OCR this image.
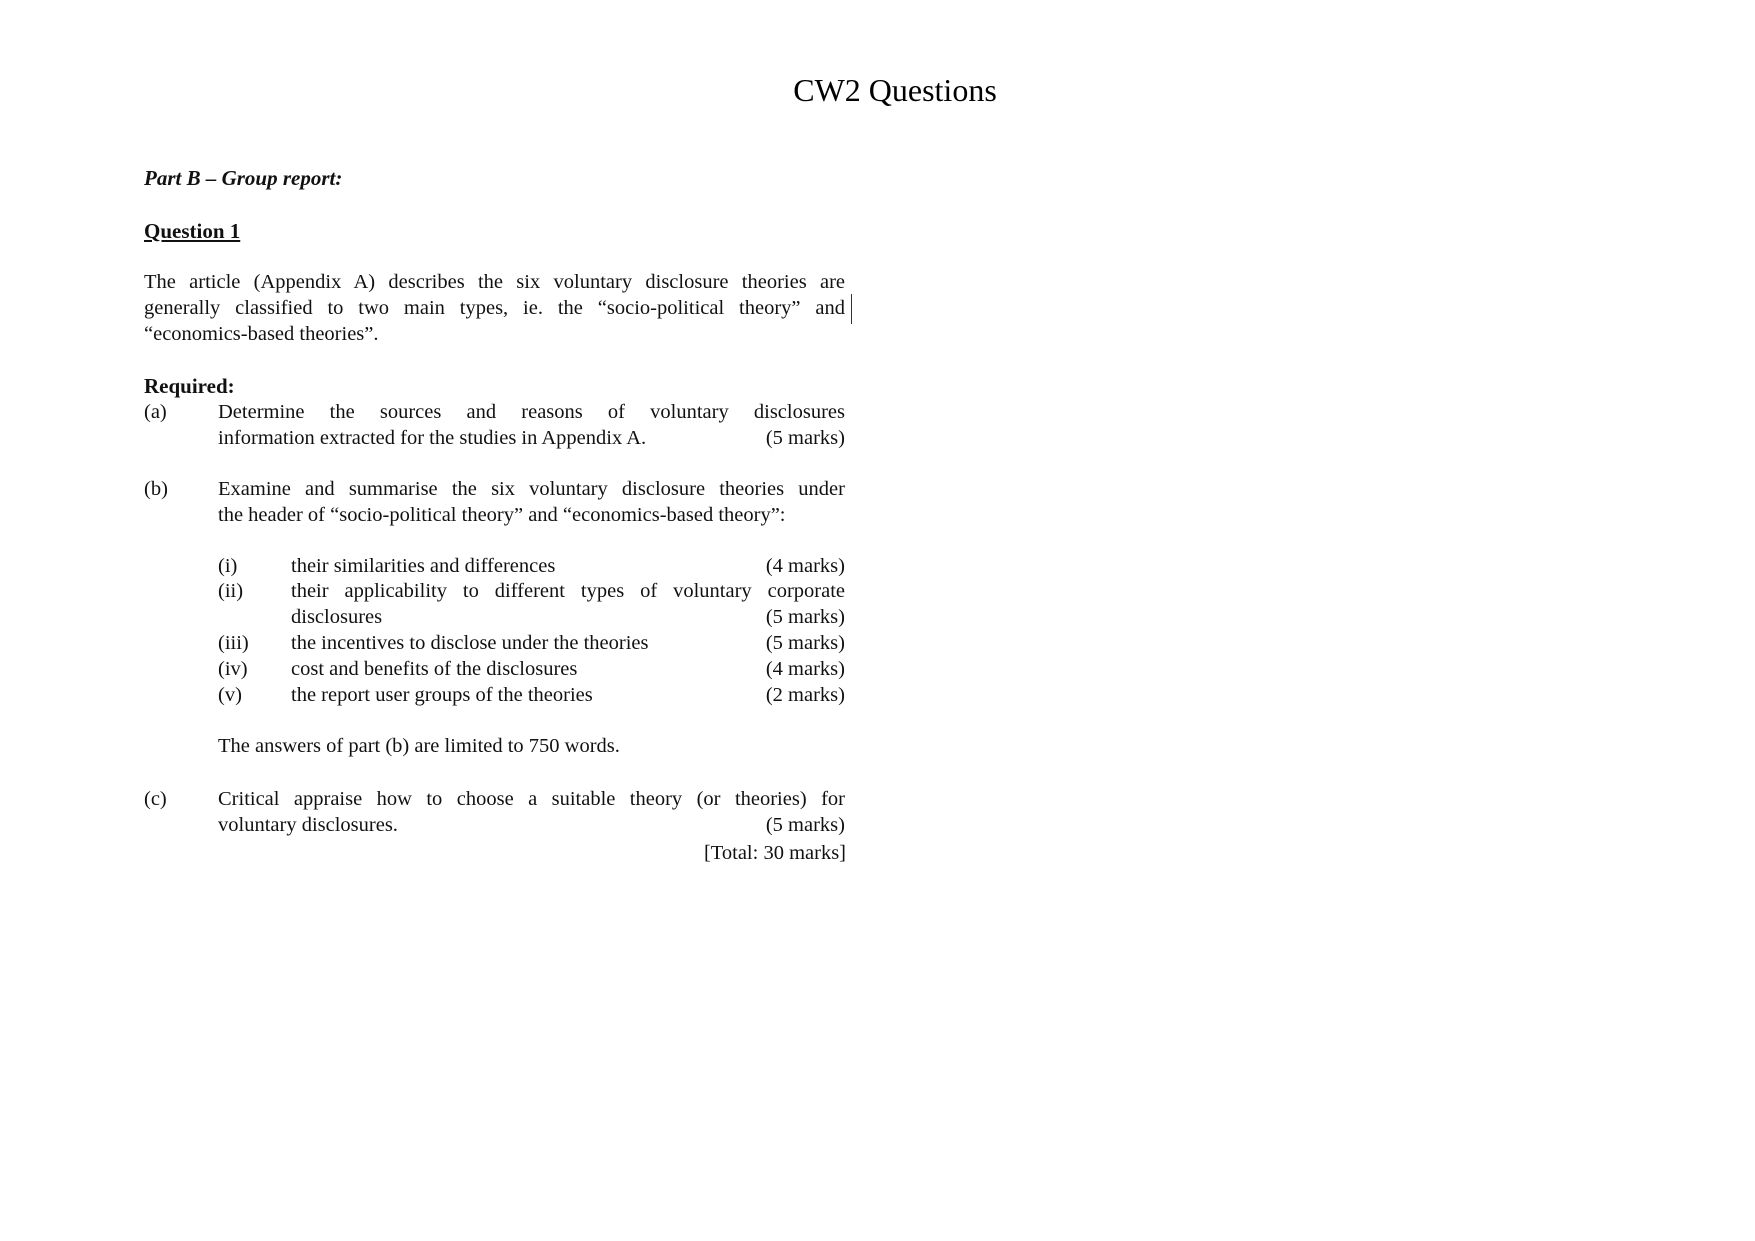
CW2 Questions
Part B – Group report:
Question 1
The article (Appendix A) describes the six voluntary disclosure theories are
generally classified to two main types, ie. the “socio-political theory” and
“economics-based theories”.
Required:
(a) Determine the sources and reasons of voluntary disclosures
information extracted for the studies in Appendix A.	(5 marks)
(b) Examine and summarise the six voluntary disclosure theories under
the header of “socio-political theory” and “economics-based theory”:
(i)	their similarities and differences	(4 marks)
(ii) their applicability to different types of voluntary corporate
disclosures	(5 marks)
(iii) the incentives to disclose under the theories	(5 marks)
(iv) cost and benefits of the disclosures	(4 marks)
(v) the report user groups of the theories	(2 marks)
The answers of part (b) are limited to 750 words.
(c) Critical appraise how to choose a suitable theory (or theories) for
voluntary disclosures.	(5 marks)
[Total: 30 marks]
